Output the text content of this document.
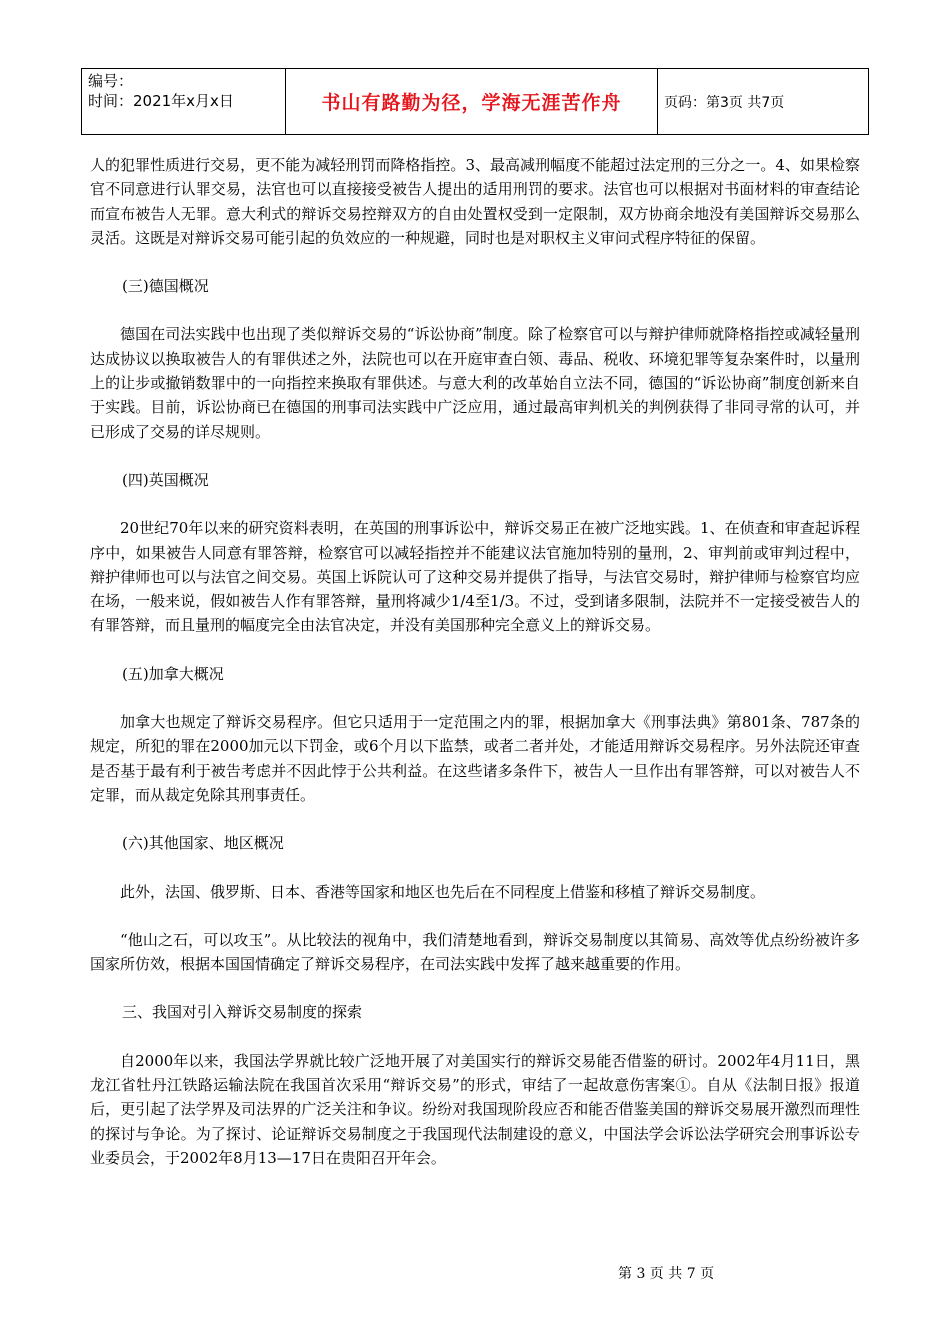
编号：
时间：2021年x月x日	书山有路勤为径，学海无涯苦作舟	页码：第3页 共7页

人的犯罪性质进行交易，更不能为减轻刑罚而降格指控。3、最高减刑幅度不能超过法定刑的三分之一。4、如果检察官不同意进行认罪交易，法官也可以直接接受被告人提出的适用刑罚的要求。法官也可以根据对书面材料的审查结论而宣布被告人无罪。意大利式的辩诉交易控辩双方的自由处置权受到一定限制，双方协商余地没有美国辩诉交易那么灵活。这既是对辩诉交易可能引起的负效应的一种规避，同时也是对职权主义审问式程序特征的保留。

(三)德国概况

德国在司法实践中也出现了类似辩诉交易的“诉讼协商”制度。除了检察官可以与辩护律师就降格指控或减轻量刑达成协议以换取被告人的有罪供述之外，法院也可以在开庭审查白领、毒品、税收、环境犯罪等复杂案件时，以量刑上的让步或撤销数罪中的一向指控来换取有罪供述。与意大利的改革始自立法不同，德国的“诉讼协商”制度创新来自于实践。目前，诉讼协商已在德国的刑事司法实践中广泛应用，通过最高审判机关的判例获得了非同寻常的认可，并已形成了交易的详尽规则。

(四)英国概况

20世纪70年以来的研究资料表明，在英国的刑事诉讼中，辩诉交易正在被广泛地实践。1、在侦查和审查起诉程序中，如果被告人同意有罪答辩，检察官可以减轻指控并不能建议法官施加特别的量刑，2、审判前或审判过程中，辩护律师也可以与法官之间交易。英国上诉院认可了这种交易并提供了指导，与法官交易时，辩护律师与检察官均应在场，一般来说，假如被告人作有罪答辩，量刑将减少1/4至1/3。不过，受到诸多限制，法院并不一定接受被告人的有罪答辩，而且量刑的幅度完全由法官决定，并没有美国那种完全意义上的辩诉交易。

(五)加拿大概况

加拿大也规定了辩诉交易程序。但它只适用于一定范围之内的罪，根据加拿大《刑事法典》第801条、787条的规定，所犯的罪在2000加元以下罚金，或6个月以下监禁，或者二者并处，才能适用辩诉交易程序。另外法院还审查是否基于最有利于被告考虑并不因此悖于公共利益。在这些诸多条件下，被告人一旦作出有罪答辩，可以对被告人不定罪，而从裁定免除其刑事责任。

(六)其他国家、地区概况

此外，法国、俄罗斯、日本、香港等国家和地区也先后在不同程度上借鉴和移植了辩诉交易制度。

“他山之石，可以攻玉”。从比较法的视角中，我们清楚地看到，辩诉交易制度以其简易、高效等优点纷纷被许多国家所仿效，根据本国国情确定了辩诉交易程序，在司法实践中发挥了越来越重要的作用。

三、我国对引入辩诉交易制度的探索

自2000年以来，我国法学界就比较广泛地开展了对美国实行的辩诉交易能否借鉴的研讨。2002年4月11日，黑龙江省牡丹江铁路运输法院在我国首次采用“辩诉交易”的形式，审结了一起故意伤害案①。自从《法制日报》报道后，更引起了法学界及司法界的广泛关注和争议。纷纷对我国现阶段应否和能否借鉴美国的辩诉交易展开激烈而理性的探讨与争论。为了探讨、论证辩诉交易制度之于我国现代法制建设的意义，中国法学会诉讼法学研究会刑事诉讼专业委员会，于2002年8月13—17日在贵阳召开年会。

第 3 页 共 7 页
